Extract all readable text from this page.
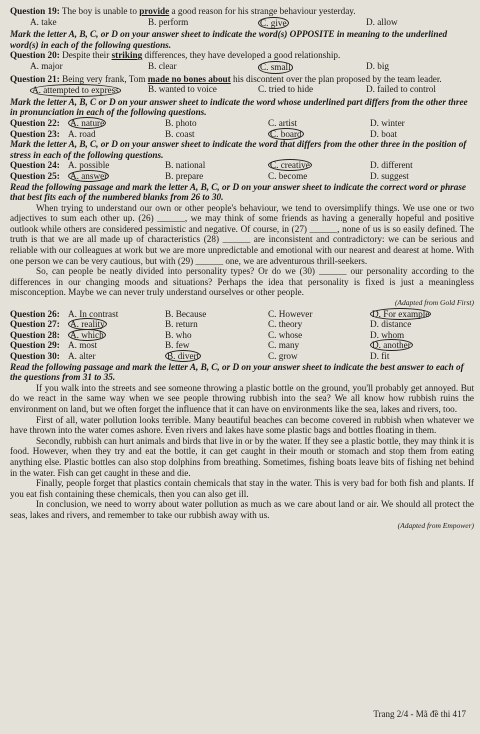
Question 19: The boy is unable to provide a good reason for his strange behaviour yesterday.

A. take	B. perform	C. give	D. allow

Mark the letter A, B, C, or D on your answer sheet to indicate the word(s) OPPOSITE in meaning to the underlined word(s) in each of the following questions.

Question 20: Despite their striking differences, they have developed a good relationship.

A. major	B. clear	C. small	D. big

Question 21: Being very frank, Tom made no bones about his discontent over the plan proposed by the team leader.

A. attempted to express	B. wanted to voice	C. tried to hide	D. failed to control

Mark the letter A, B, C or D on your answer sheet to indicate the word whose underlined part differs from the other three in pronunciation in each of the following questions.

Question 22:	A. nature	B. photo	C. artist	D. winter
Question 23: A. road	B. coast	C. board	D. boat

Mark the letter A, B, C, or D on your answer sheet to indicate the word that differs from the other three in the position of stress in each of the following questions.

Question 24: A. possible	B. national	C. creative	D. different
Question 25:	A. answer	B. prepare	C. become	D. suggest

Read the following passage and mark the letter A, B, C, or D on your answer sheet to indicate the correct word or phrase that best fits each of the numbered blanks from 26 to 30.

When trying to understand our own or other people's behaviour, we tend to oversimplify things. We use one or two adjectives to sum each other up. (26) ______, we may think of some friends as having a generally hopeful and positive outlook while others are considered pessimistic and negative. Of course, in (27) ______, none of us is so easily defined. The truth is that we are all made up of characteristics (28) ______ are inconsistent and contradictory: we can be serious and reliable with our colleagues at work but we are more unpredictable and emotional with our nearest and dearest at home. With one person we can be very cautious, but with (29) ______ one, we are adventurous thrill-seekers.

So, can people be neatly divided into personality types? Or do we (30) ______ our personality according to the differences in our changing moods and situations? Perhaps the idea that personality is fixed is just a meaningless misconception. Maybe we can never truly understand ourselves or other people.

(Adapted from Gold First)

Question 26: A. In contrast	B. Because	C. However	D. For example
Question 27:	A. reality	B. return	C. theory	D. distance
Question 28:	A. which	B. who	C. whose	D. whom
Question 29: A. most	B. few	C. many	D. another
Question 30: A. alter	B. divert	C. grow	D. fit

Read the following passage and mark the letter A, B, C, or D on your answer sheet to indicate the best answer to each of the questions from 31 to 35.

If you walk into the streets and see someone throwing a plastic bottle on the ground, you'll probably get annoyed. But do we react in the same way when we see people throwing rubbish into the sea? We all know how rubbish ruins the environment on land, but we often forget the influence that it can have on environments like the sea, lakes and rivers, too.

First of all, water pollution looks terrible. Many beautiful beaches can become covered in rubbish when whatever we have thrown into the water comes ashore. Even rivers and lakes have some plastic bags and bottles floating in them.

Secondly, rubbish can hurt animals and birds that live in or by the water. If they see a plastic bottle, they may think it is food. However, when they try and eat the bottle, it can get caught in their mouth or stomach and stop them from eating anything else. Plastic bottles can also stop dolphins from breathing. Sometimes, fishing boats leave bits of fishing net behind in the water. Fish can get caught in these and die.

Finally, people forget that plastics contain chemicals that stay in the water. This is very bad for both fish and plants. If you eat fish containing these chemicals, then you can also get ill.

In conclusion, we need to worry about water pollution as much as we care about land or air. We should all protect the seas, lakes and rivers, and remember to take our rubbish away with us.

(Adapted from Empower)

Trang 2/4 - Mã đề thi 417
